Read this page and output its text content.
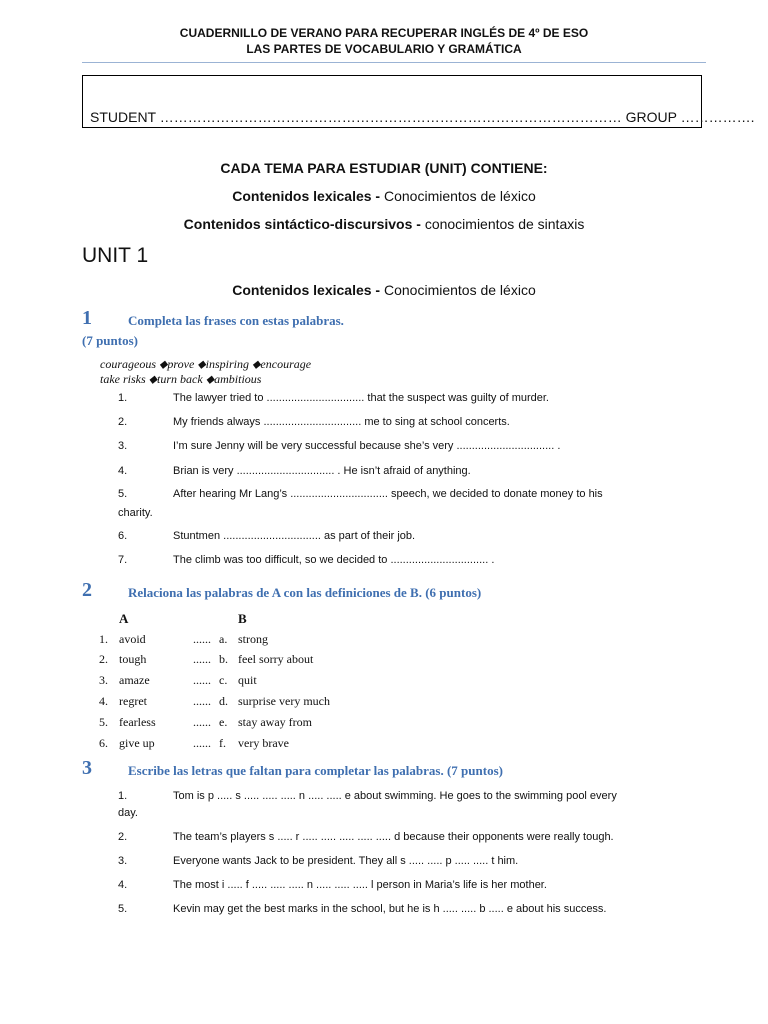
CUADERNILLO DE VERANO PARA RECUPERAR INGLÉS DE 4º DE ESO
LAS PARTES DE VOCABULARIO Y GRAMÁTICA
STUDENT ……………………………………………………………………………………… GROUP …………….
CADA TEMA PARA ESTUDIAR (UNIT) CONTIENE:
Contenidos lexicales - Conocimientos de léxico
Contenidos sintáctico-discursivos - conocimientos de sintaxis
UNIT 1
Contenidos lexicales - Conocimientos de léxico
1	Completa las frases con estas palabras.
(7 puntos)
courageous ⬥prove ⬥inspiring ⬥encourage
take risks ⬥turn back ⬥ambitious
1.	The lawyer tried to ................................ that the suspect was guilty of murder.
2.	My friends always ................................ me to sing at school concerts.
3.	I’m sure Jenny will be very successful because she’s very ................................ .
4.	Brian is very ................................ . He isn’t afraid of anything.
5.	After hearing Mr Lang’s ................................ speech, we decided to donate money to his
charity.
6.	Stuntmen ................................ as part of their job.
7.	The climb was too difficult, so we decided to ................................ .
2	Relaciona las palabras de A con las definiciones de B. (6 puntos)
A	B
1. avoid	...... a. strong
2. tough	...... b. feel sorry about
3. amaze	...... c. quit
4. regret	...... d. surprise very much
5. fearless	...... e. stay away from
6. give up	...... f. very brave
3	Escribe las letras que faltan para completar las palabras. (7 puntos)
1.	Tom is p ..... s ..... ..... ..... n ..... ..... e about swimming. He goes to the swimming pool every
day.
2.	The team’s players s ..... r ..... ..... ..... ..... ..... d because their opponents were really tough.
3.	Everyone wants Jack to be president. They all s ..... ..... p ..... ..... t him.
4.	The most i ..... f ..... ..... ..... n ..... ..... ..... l person in Maria’s life is her mother.
5.	Kevin may get the best marks in the school, but he is h ..... ..... b ..... e about his success.
